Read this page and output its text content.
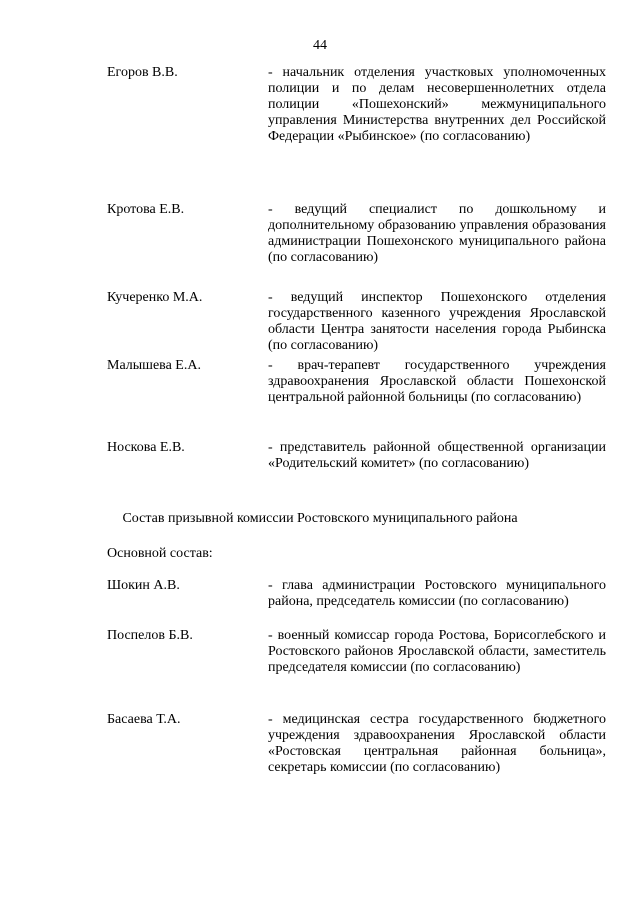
44
Егоров В.В.	- начальник отделения участковых уполномоченных полиции и по делам несовершеннолетних отдела полиции «Пошехонский» межмуниципального управления Министерства внутренних дел Российской Федерации «Рыбинское» (по согласованию)
Кротова Е.В.	- ведущий специалист по дошкольному и дополнительному образованию управления образования администрации Пошехонского муниципального района (по согласованию)
Кучеренко М.А.	- ведущий инспектор Пошехонского отделения государственного казенного учреждения Ярославской области Центра занятости населения города Рыбинска (по согласованию)
Малышева Е.А.	- врач-терапевт государственного учреждения здравоохранения Ярославской области Пошехонской центральной районной больницы (по согласованию)
Носкова Е.В.	- представитель районной общественной организации «Родительский комитет» (по согласованию)
Состав призывной комиссии Ростовского муниципального района
Основной состав:
Шокин А.В.	- глава администрации Ростовского муниципального района, председатель комиссии (по согласованию)
Поспелов Б.В.	- военный комиссар города Ростова, Борисоглебского и Ростовского районов Ярославской области, заместитель председателя комиссии (по согласованию)
Басаева Т.А.	- медицинская сестра государственного бюджетного учреждения здравоохранения Ярославской области «Ростовская центральная районная больница», секретарь комиссии (по согласованию)
